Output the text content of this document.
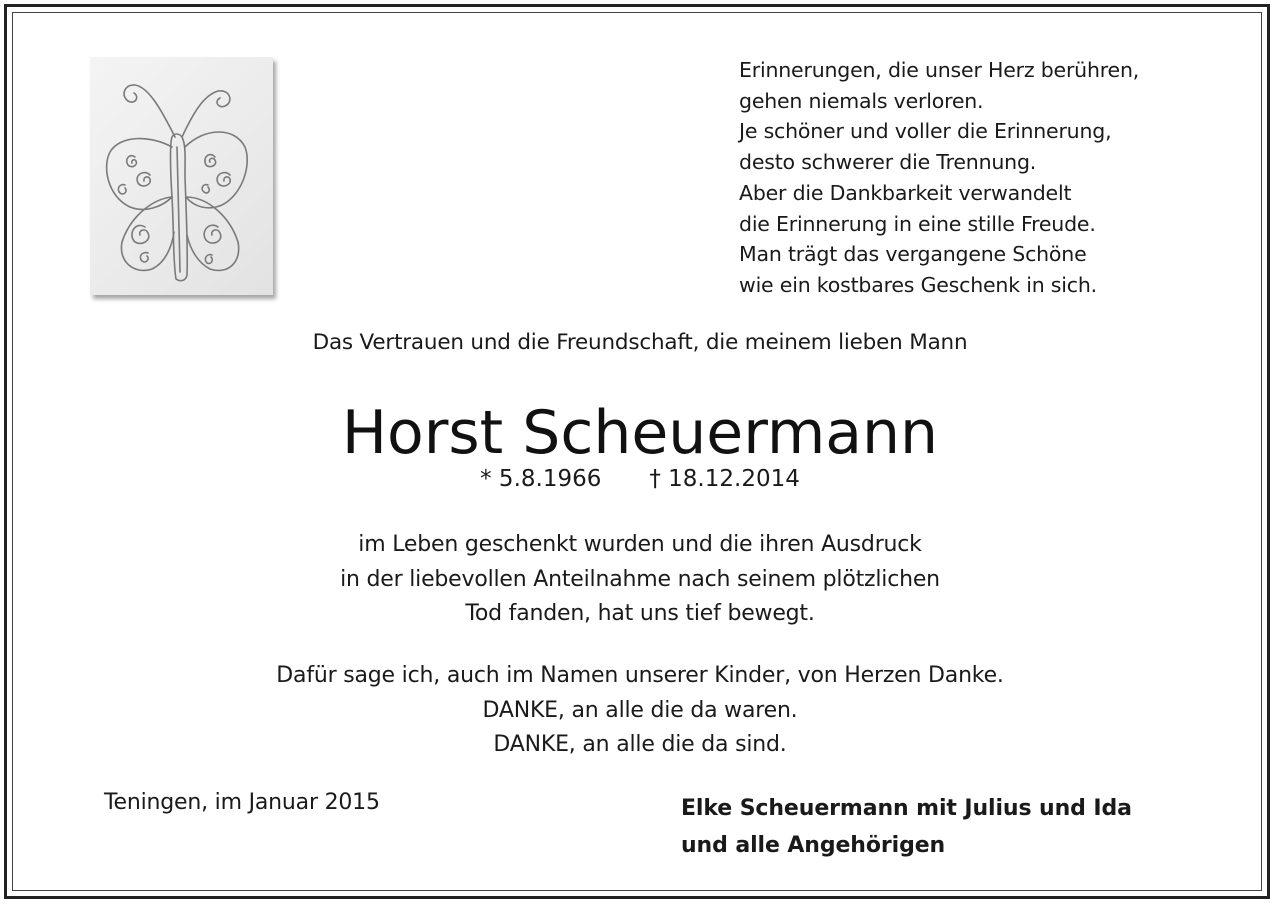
Erinnerungen, die unser Herz berühren,
gehen niemals verloren.
Je schöner und voller die Erinnerung,
desto schwerer die Trennung.
Aber die Dankbarkeit verwandelt
die Erinnerung in eine stille Freude.
Man trägt das vergangene Schöne
wie ein kostbares Geschenk in sich.
Das Vertrauen und die Freundschaft, die meinem lieben Mann
Horst Scheuermann
* 5.8.1966 † 18.12.2014
im Leben geschenkt wurden und die ihren Ausdruck
in der liebevollen Anteilnahme nach seinem plötzlichen
Tod fanden, hat uns tief bewegt.
Dafür sage ich, auch im Namen unserer Kinder, von Herzen Danke.
DANKE, an alle die da waren.
DANKE, an alle die da sind.
Teningen, im Januar 2015	Elke Scheuermann mit Julius und Ida
und alle Angehörigen
